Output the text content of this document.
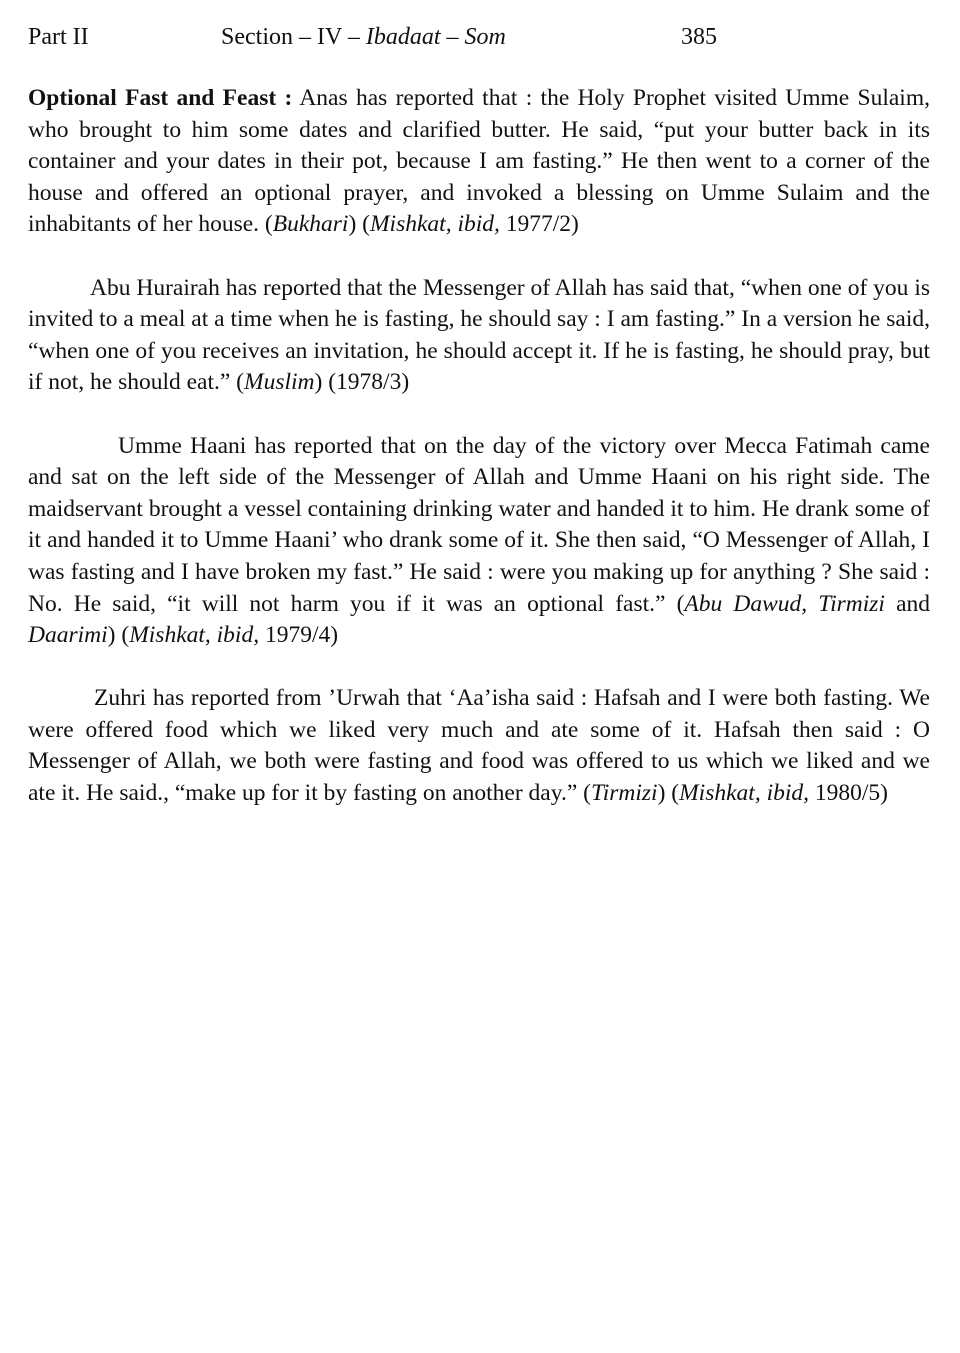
Part II	Section – IV – Ibadaat – Som	385

Optional Fast and Feast : Anas has reported that : the Holy Prophet visited Umme Sulaim, who brought to him some dates and clarified butter. He said, “put your butter back in its container and your dates in their pot, because I am fasting.” He then went to a corner of the house and offered an optional prayer, and invoked a blessing on Umme Sulaim and the inhabitants of her house. (Bukhari) (Mishkat, ibid, 1977/2)

Abu Hurairah has reported that the Messenger of Allah has said that, “when one of you is invited to a meal at a time when he is fasting, he should say : I am fasting.” In a version he said, “when one of you receives an invitation, he should accept it. If he is fasting, he should pray, but if not, he should eat.” (Muslim) (1978/3)

Umme Haani has reported that on the day of the victory over Mecca Fatimah came and sat on the left side of the Messenger of Allah and Umme Haani on his right side. The maidservant brought a vessel containing drinking water and handed it to him. He drank some of it and handed it to Umme Haani’ who drank some of it. She then said, “O Messenger of Allah, I was fasting and I have broken my fast.” He said : were you making up for anything ? She said : No. He said, “it will not harm you if it was an optional fast.” (Abu Dawud, Tirmizi and Daarimi) (Mishkat, ibid, 1979/4)

Zuhri has reported from ’Urwah that ‘Aa’isha said : Hafsah and I were both fasting. We were offered food which we liked very much and ate some of it. Hafsah then said : O Messenger of Allah, we both were fasting and food was offered to us which we liked and we ate it. He said., “make up for it by fasting on another day.” (Tirmizi) (Mishkat, ibid, 1980/5)
